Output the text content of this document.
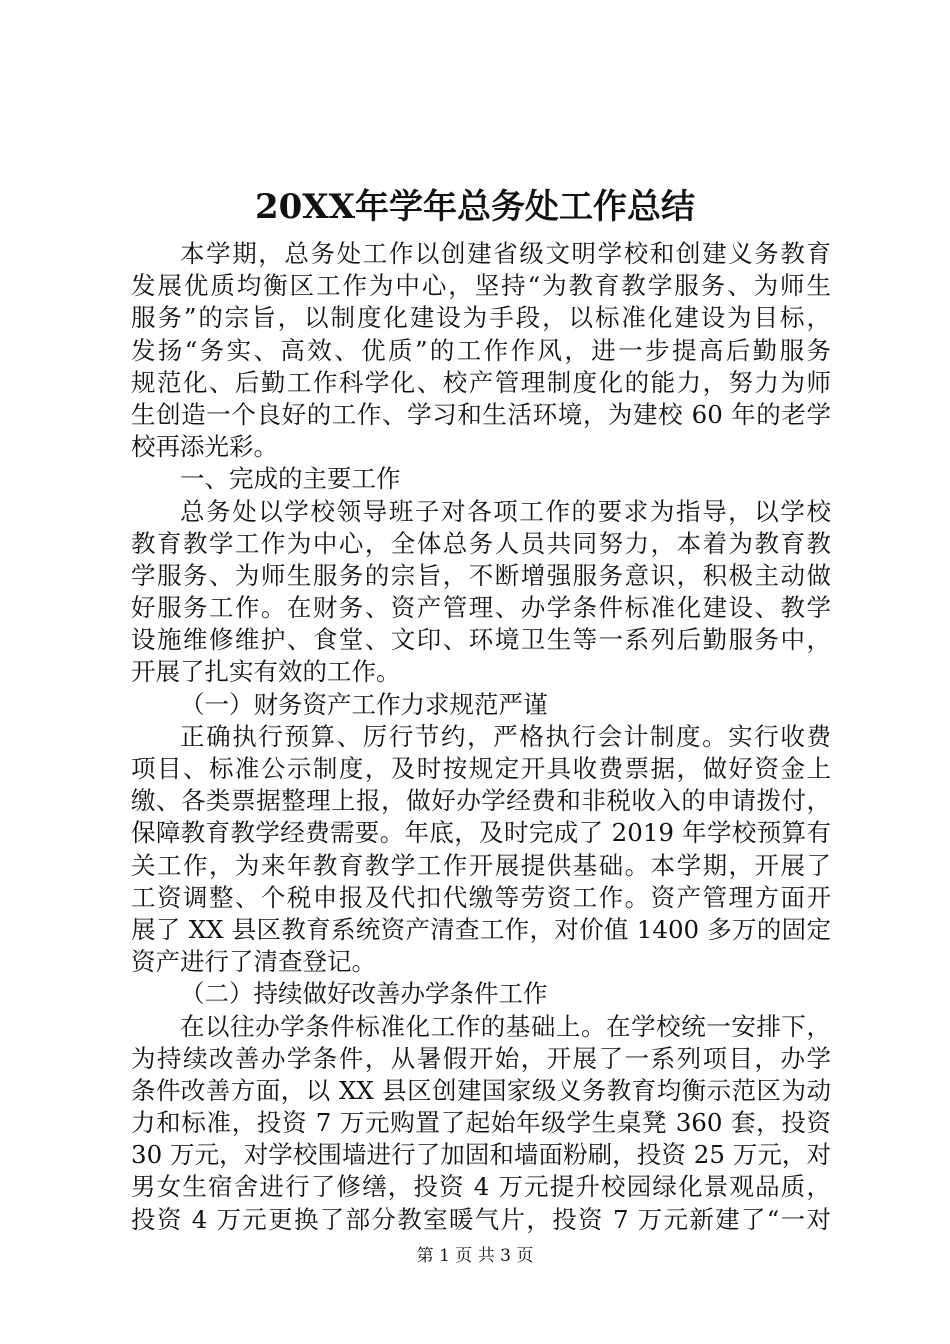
20XX年学年总务处工作总结
本学期，总务处工作以创建省级文明学校和创建义务教育
发展优质均衡区工作为中心，坚持“为教育教学服务、为师生
服务”的宗旨，以制度化建设为手段，以标准化建设为目标，
发扬“务实、高效、优质”的工作作风，进一步提高后勤服务
规范化、后勤工作科学化、校产管理制度化的能力，努力为师
生创造一个良好的工作、学习和生活环境，为建校 60 年的老学
校再添光彩。
一、完成的主要工作
总务处以学校领导班子对各项工作的要求为指导，以学校
教育教学工作为中心，全体总务人员共同努力，本着为教育教
学服务、为师生服务的宗旨，不断增强服务意识，积极主动做
好服务工作。在财务、资产管理、办学条件标准化建设、教学
设施维修维护、食堂、文印、环境卫生等一系列后勤服务中，
开展了扎实有效的工作。
（一）财务资产工作力求规范严谨
正确执行预算、厉行节约，严格执行会计制度。实行收费
项目、标准公示制度，及时按规定开具收费票据，做好资金上
缴、各类票据整理上报，做好办学经费和非税收入的申请拨付，
保障教育教学经费需要。年底，及时完成了 2019 年学校预算有
关工作，为来年教育教学工作开展提供基础。本学期，开展了
工资调整、个税申报及代扣代缴等劳资工作。资产管理方面开
展了 XX 县区教育系统资产清查工作，对价值 1400 多万的固定
资产进行了清查登记。
（二）持续做好改善办学条件工作
在以往办学条件标准化工作的基础上。在学校统一安排下，
为持续改善办学条件，从暑假开始，开展了一系列项目，办学
条件改善方面，以 XX 县区创建国家级义务教育均衡示范区为动
力和标准，投资 7 万元购置了起始年级学生桌凳 360 套，投资
30 万元，对学校围墙进行了加固和墙面粉刷，投资 25 万元，对
男女生宿舍进行了修缮，投资 4 万元提升校园绿化景观品质，
投资 4 万元更换了部分教室暖气片，投资 7 万元新建了“一对
第 1 页 共 3 页
